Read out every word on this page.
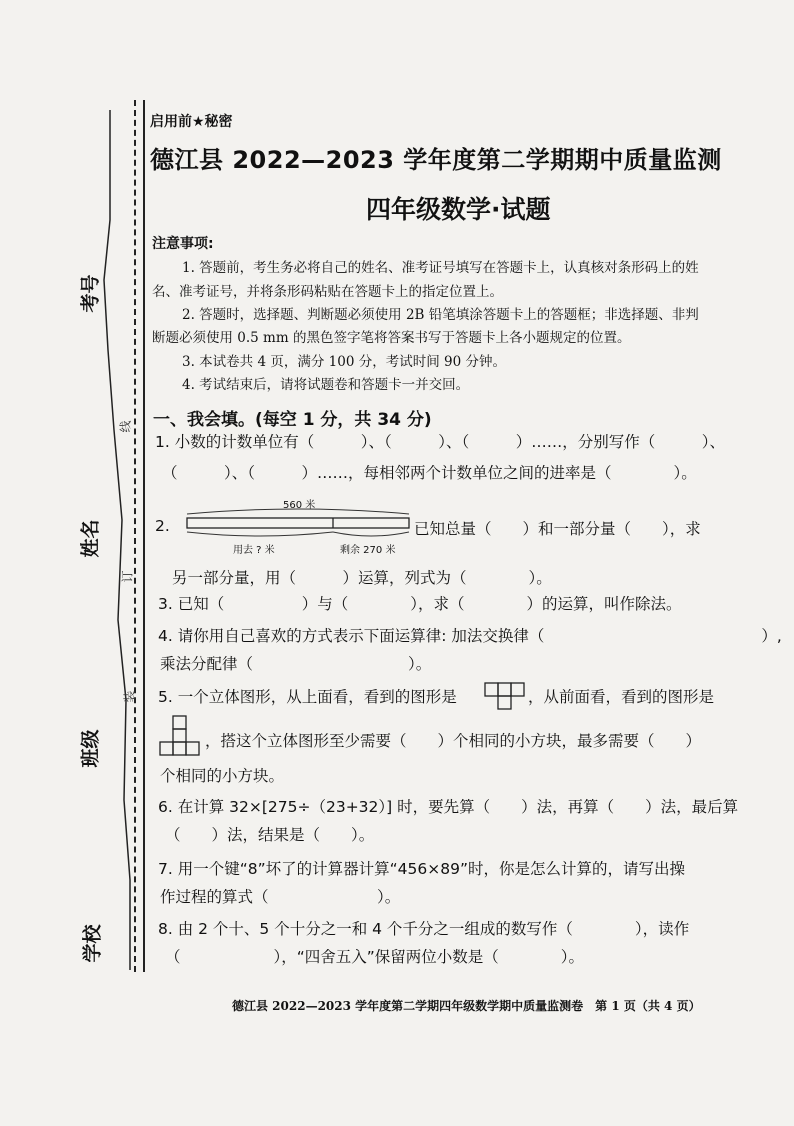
考号
姓名
班级
学校
线
订
装
启用前★秘密
德江县 2022—2023 学年度第二学期期中质量监测
四年级数学·试题
注意事项:
1. 答题前，考生务必将自己的姓名、准考证号填写在答题卡上，认真核对条形码上的姓
名、准考证号，并将条形码粘贴在答题卡上的指定位置上。
2. 答题时，选择题、判断题必须使用 2B 铅笔填涂答题卡上的答题框；非选择题、非判
断题必须使用 0.5 mm 的黑色签字笔将答案书写于答题卡上各小题规定的位置。
3. 本试卷共 4 页，满分 100 分，考试时间 90 分钟。
4. 考试结束后，请将试题卷和答题卡一并交回。
一、我会填。(每空 1 分，共 34 分)
1. 小数的计数单位有（　　　）、（　　　）、（　　　）……，分别写作（　　　）、
（　　　）、（　　　）……，每相邻两个计数单位之间的进率是（　　　　）。
2.
560 米
用去 ? 米	剩余 270 米
已知总量（　　）和一部分量（　　），求
另一部分量，用（　　　）运算，列式为（　　　　）。
3. 已知（　　　　　）与（　　　　），求（　　　　）的运算，叫作除法。
4. 请你用自己喜欢的方式表示下面运算律: 加法交换律（　　　　　　　　　　　　　　）,
乘法分配律（　　　　　　　　　　）。
5. 一个立体图形，从上面看，看到的图形是	，从前面看，看到的图形是
，搭这个立体图形至少需要（　　）个相同的小方块，最多需要（　　）
个相同的小方块。
6. 在计算 32×[275÷（23+32）] 时，要先算（　　）法，再算（　　）法，最后算
（　　）法，结果是（　　）。
7. 用一个键“8”坏了的计算器计算“456×89”时，你是怎么计算的，请写出操
作过程的算式（　　　　　　　）。
8. 由 2 个十、5 个十分之一和 4 个千分之一组成的数写作（　　　　），读作
（　　　　　　），“四舍五入”保留两位小数是（　　　　）。
德江县 2022—2023 学年度第二学期四年级数学期中质量监测卷　第 1 页（共 4 页）
